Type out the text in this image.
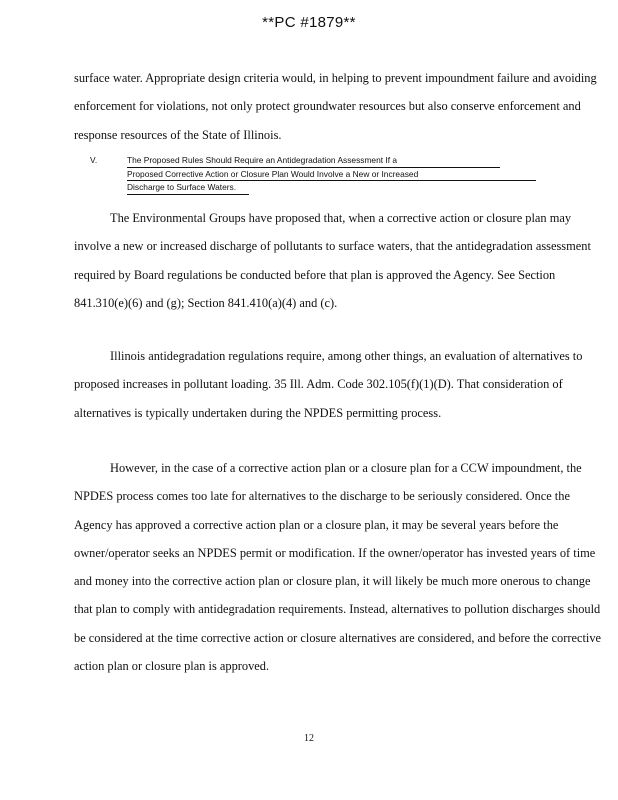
**PC #1879**

surface water. Appropriate design criteria would, in helping to prevent impoundment failure and avoiding enforcement for violations, not only protect groundwater resources but also conserve enforcement and response resources of the State of Illinois.

V.	The Proposed Rules Should Require an Antidegradation Assessment If a
Proposed Corrective Action or Closure Plan Would Involve a New or Increased
Discharge to Surface Waters.

The Environmental Groups have proposed that, when a corrective action or closure plan may involve a new or increased discharge of pollutants to surface waters, that the antidegradation assessment required by Board regulations be conducted before that plan is approved the Agency. See Section 841.310(e)(6) and (g); Section 841.410(a)(4) and (c).

Illinois antidegradation regulations require, among other things, an evaluation of alternatives to proposed increases in pollutant loading. 35 Ill. Adm. Code 302.105(f)(1)(D). That consideration of alternatives is typically undertaken during the NPDES permitting process.

However, in the case of a corrective action plan or a closure plan for a CCW impoundment, the NPDES process comes too late for alternatives to the discharge to be seriously considered. Once the Agency has approved a corrective action plan or a closure plan, it may be several years before the owner/operator seeks an NPDES permit or modification. If the owner/operator has invested years of time and money into the corrective action plan or closure plan, it will likely be much more onerous to change that plan to comply with antidegradation requirements. Instead, alternatives to pollution discharges should be considered at the time corrective action or closure alternatives are considered, and before the corrective action plan or closure plan is approved.

12
